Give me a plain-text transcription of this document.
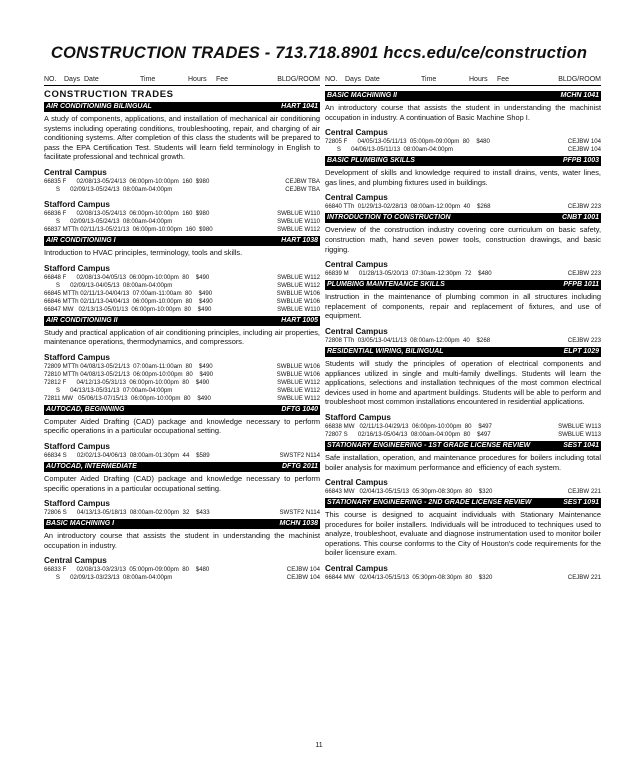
CONSTRUCTION TRADES - 713.718.8901 hccs.edu/ce/construction
NO.	Days Date	Time	Hours	Fee	BLDG/ROOM
CONSTRUCTION TRADES
AIR CONDITIONING BILINGUAL	HART 1041
A study of components, applications, and installation of mechanical air conditioning systems including operating conditions, troubleshooting, repair, and charging of air conditioning systems. After completion of this class the students will be prepared to pass the EPA Certification Test. Students will learn field terminology in English to facilitate professional and technical growth.
Central Campus
66835 F      02/08/13-05/24/13  06:00pm-10:00pm  160  $980	CEJBW TBA
S      02/09/13-05/24/13  08:00am-04:00pm	CEJBW TBA
Stafford Campus
66836 F      02/08/13-05/24/13  06:00pm-10:00pm  160  $980	SWBLUE W110
S      02/09/13-05/24/13  08:00am-04:00pm	SWBLUE W110
66837 MTTh 02/11/13-05/21/13  06:00pm-10:00pm  160  $980	SWBLUE W112
AIR CONDITIONING I	HART 1038
Introduction to HVAC principles, terminology, tools and skills.
Stafford Campus
66848 F      02/08/13-04/05/13  06:00pm-10:00pm  80    $490	SWBLUE W112
S      02/09/13-04/05/13  08:00am-04:00pm	SWBLUE W112
66845 MTTh 02/11/13-04/04/13  07:00am-11:00am  80    $490	SWBLUE W106
66846 MTTh 02/11/13-04/04/13  06:00pm-10:00pm  80    $490	SWBLUE W106
66847 MW   02/13/13-05/01/13  06:00pm-10:00pm  80    $490	SWBLUE W110
AIR CONDITIONING II	HART 1005
Study and practical application of air conditioning principles, including air properties, maintenance operations, thermodynamics, and compressors.
Stafford Campus
72809 MTTh 04/08/13-05/21/13  07:00am-11:00am  80    $490	SWBLUE W106
72810 MTTh 04/08/13-05/21/13  06:00pm-10:00pm  80    $490	SWBLUE W106
72812 F      04/12/13-05/31/13  06:00pm-10:00pm  80    $490	SWBLUE W112
S      04/13/13-05/31/13  07:00am-04:00pm	SWBLUE W112
72811 MW   05/06/13-07/15/13  06:00pm-10:00pm  80    $490	SWBLUE W112
AUTOCAD, BEGINNING	DFTG 1040
Computer Aided Drafting (CAD) package and knowledge necessary to perform specific operations in a particular occupational setting.
Stafford Campus
66834 S      02/02/13-04/06/13  08:00am-01:30pm  44    $589	SWSTF2 N114
AUTOCAD, INTERMEDIATE	DFTG 2011
Computer Aided Drafting (CAD) package and knowledge necessary to perform specific operations in a particular occupational setting.
Stafford Campus
72806 S      04/13/13-05/18/13  08:00am-02:00pm  32    $433	SWSTF2 N114
BASIC MACHINING I	MCHN 1038
An introductory course that assists the student in understanding the machinist occupation in industry.
Central Campus
66833 F      02/08/13-03/23/13  05:00pm-09:00pm  80    $480	CEJBW 104
S      02/09/13-03/23/13  08:00am-04:00pm	CEJBW 104
NO.	Days Date	Time	Hours	Fee	BLDG/ROOM
BASIC MACHINING II	MCHN 1041
An introductory course that assists the student in understanding the machinist occupation in industry. A continuation of Basic Machine Shop I.
Central Campus
72805 F      04/05/13-05/11/13  05:00pm-09:00pm  80    $480	CEJBW 104
S      04/06/13-05/11/13  08:00am-04:00pm	CEJBW 104
BASIC PLUMBING SKILLS	PFPB 1003
Development of skills and knowledge required to install drains, vents, water lines, gas lines, and plumbing fixtures used in buildings.
Central Campus
66840 TTh  01/29/13-02/28/13  08:00am-12:00pm  40    $268	CEJBW 223
INTRODUCTION TO CONSTRUCTION	CNBT 1001
Overview of the construction industry covering core curriculum on basic safety, construction math, hand seven power tools, construction drawings, and basic rigging.
Central Campus
66839 M      01/28/13-05/20/13  07:30am-12:30pm  72    $480	CEJBW 223
PLUMBING MAINTENANCE SKILLS	PFPB 1011
Instruction in the maintenance of plumbing common in all structures including replacement of components, repair and replacement of fixtures, and use of equipment.
Central Campus
72808 TTh  03/05/13-04/11/13  08:00am-12:00pm  40    $268	CEJBW 223
RESIDENTIAL WIRING, BILINGUAL	ELPT 1029
Students will study the principles of operation of electrical components and appliances utilized in single and multi-family dwellings. Students will learn the applications, selections and installation techniques of the most common electrical devices used in home and apartment buildings. Students will be able to perform and troubleshoot most common installations encountered in residential applications.
Stafford Campus
66838 MW   02/11/13-04/29/13  06:00pm-10:00pm  80    $497	SWBLUE W113
72807 S      02/16/13-05/04/13  08:00am-04:00pm  80    $497	SWBLUE W113
STATIONARY ENGINEERING - 1ST GRADE LICENSE REVIEW	SEST 1041
Safe installation, operation, and maintenance procedures for boilers including total boiler analysis for maximum performance and efficiency of each system.
Central Campus
66843 MW   02/04/13-05/15/13  05:30pm-08:30pm  80    $320	CEJBW 221
STATIONARY ENGINEERING - 2ND GRADE LICENSE REVIEW	SEST 1091
This course is designed to acquaint individuals with Stationary Maintenance procedures for boiler installers. Individuals will be introduced to techniques used to analyze, troubleshoot, evaluate and diagnose instrumentation used to monitor boiler operations. This course conforms to the City of Houston's code requirements for the boiler licensure exam.
Central Campus
66844 MW   02/04/13-05/15/13  05:30pm-08:30pm  80    $320	CEJBW 221
11
